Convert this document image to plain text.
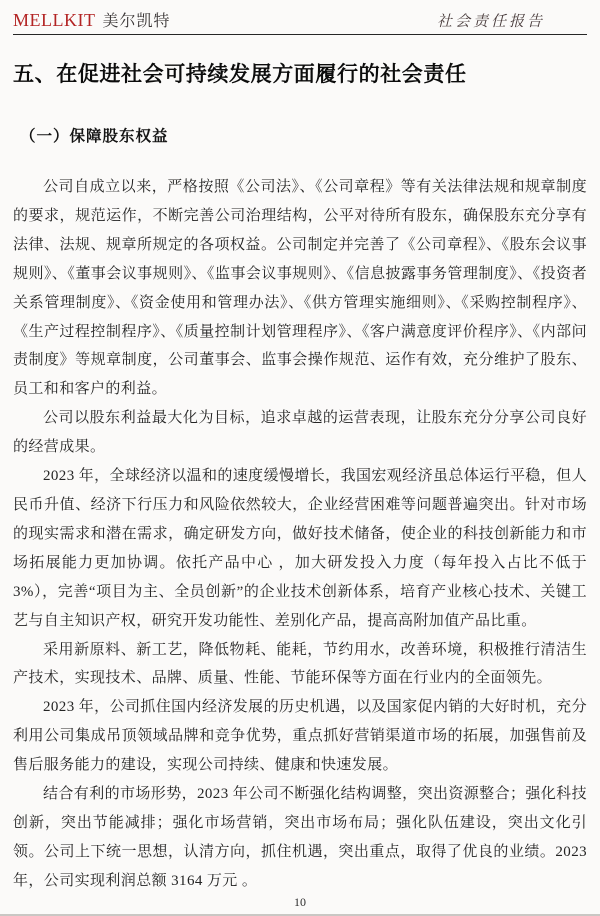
MELLKIT 美尔凯特	社会责任报告
五、在促进社会可持续发展方面履行的社会责任
（一）保障股东权益

公司自成立以来，严格按照《公司法》、《公司章程》等有关法律法规和规章制度的要求，规范运作，不断完善公司治理结构，公平对待所有股东，确保股东充分享有法律、法规、规章所规定的各项权益。公司制定并完善了《公司章程》、《股东会议事规则》、《董事会议事规则》、《监事会议事规则》、《信息披露事务管理制度》、《投资者关系管理制度》、《资金使用和管理办法》、《供方管理实施细则》、《采购控制程序》、《生产过程控制程序》、《质量控制计划管理程序》、《客户满意度评价程序》、《内部问责制度》等规章制度，公司董事会、监事会操作规范、运作有效，充分维护了股东、员工和和客户的利益。

公司以股东利益最大化为目标，追求卓越的运营表现，让股东充分分享公司良好的经营成果。

2023 年，全球经济以温和的速度缓慢增长，我国宏观经济虽总体运行平稳，但人民币升值、经济下行压力和风险依然较大，企业经营困难等问题普遍突出。针对市场的现实需求和潜在需求，确定研发方向，做好技术储备，使企业的科技创新能力和市场拓展能力更加协调。依托产品中心 ，加大研发投入力度（每年投入占比不低于 3%），完善“项目为主、全员创新”的企业技术创新体系，培育产业核心技术、关键工艺与自主知识产权，研究开发功能性、差别化产品，提高高附加值产品比重。

采用新原料、新工艺，降低物耗、能耗，节约用水，改善环境，积极推行清洁生产技术，实现技术、品牌、质量、性能、节能环保等方面在行业内的全面领先。

2023 年，公司抓住国内经济发展的历史机遇，以及国家促内销的大好时机，充分利用公司集成吊顶领域品牌和竞争优势，重点抓好营销渠道市场的拓展，加强售前及售后服务能力的建设，实现公司持续、健康和快速发展。

结合有利的市场形势，2023 年公司不断强化结构调整，突出资源整合；强化科技创新，突出节能减排；强化市场营销，突出市场布局；强化队伍建设，突出文化引领。公司上下统一思想，认清方向，抓住机遇，突出重点，取得了优良的业绩。2023 年，公司实现利润总额 3164 万元 。

10
